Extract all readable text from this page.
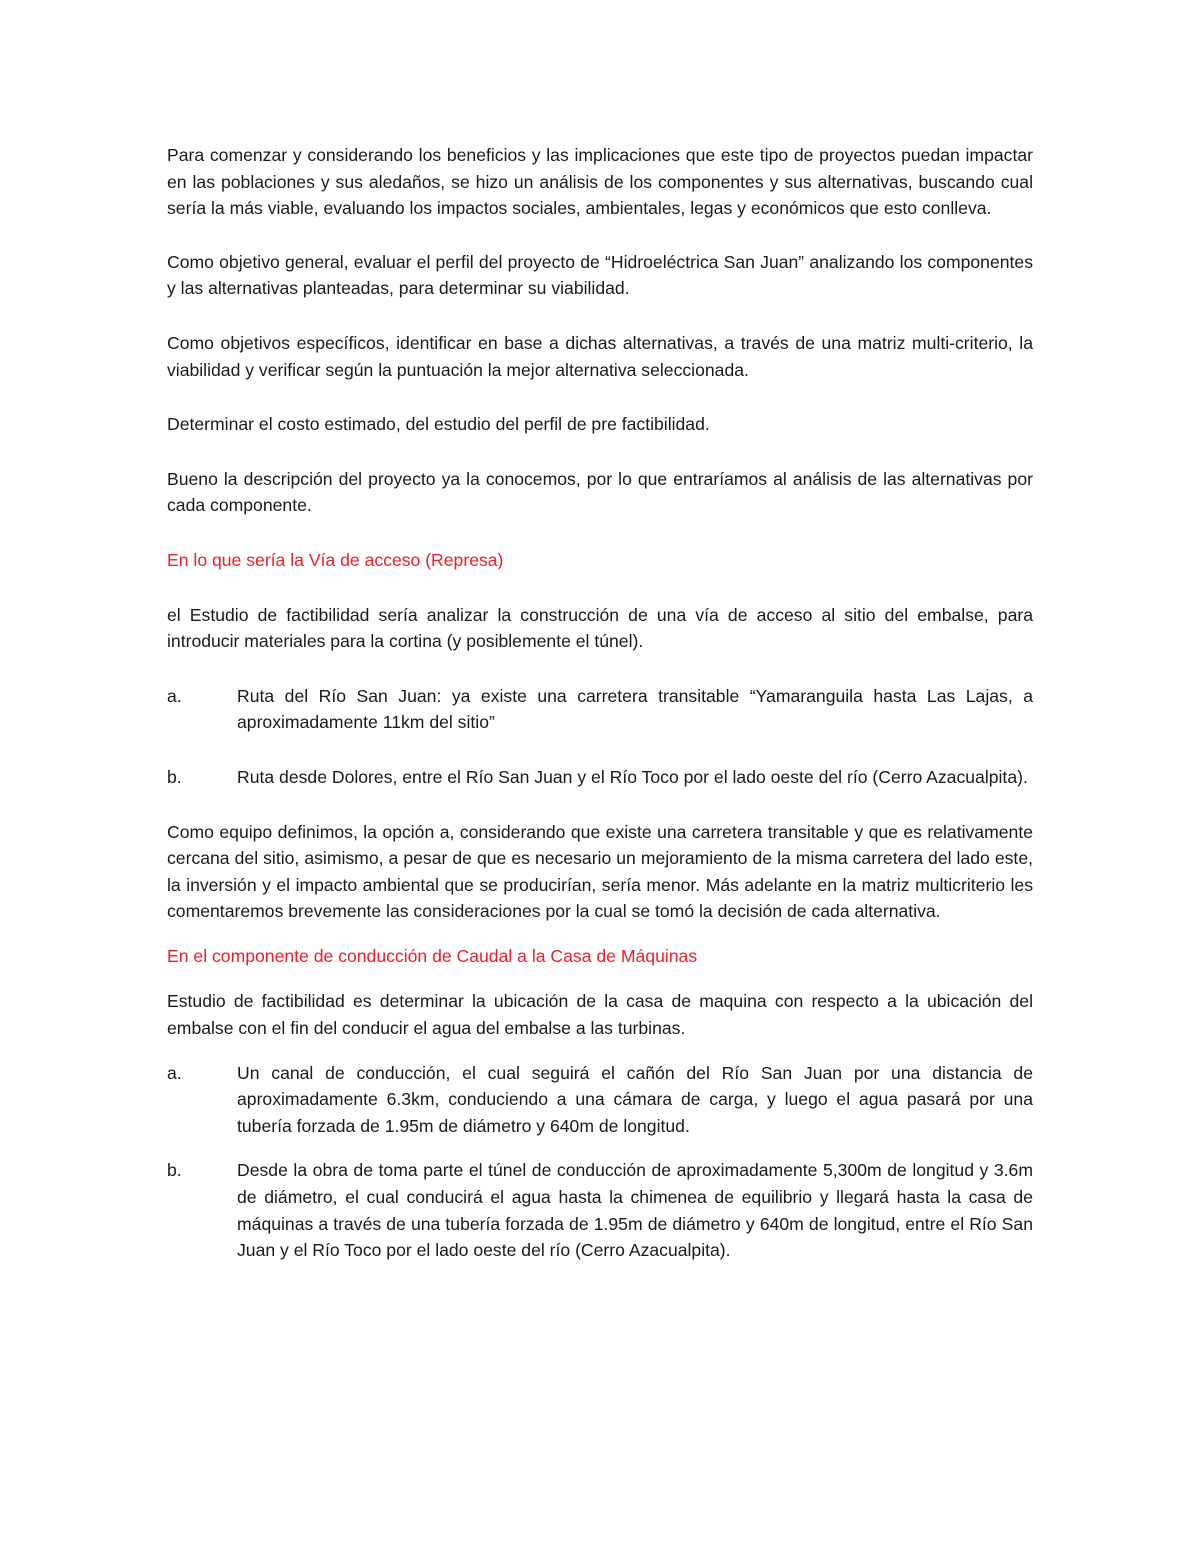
Para comenzar y considerando los beneficios y las implicaciones que este tipo de proyectos puedan impactar en las poblaciones y sus aledaños, se hizo un análisis de los componentes y sus alternativas, buscando cual sería la más viable, evaluando los impactos sociales, ambientales, legas y económicos que esto conlleva.

Como objetivo general, evaluar el perfil del proyecto de “Hidroeléctrica San Juan” analizando los componentes y las alternativas planteadas, para determinar su viabilidad.

Como objetivos específicos, identificar en base a dichas alternativas, a través de una matriz multi-criterio, la viabilidad y verificar según la puntuación la mejor alternativa seleccionada.

Determinar el costo estimado, del estudio del perfil de pre factibilidad.

Bueno la descripción del proyecto ya la conocemos, por lo que entraríamos al análisis de las alternativas por cada componente.

En lo que sería la Vía de acceso (Represa)

el Estudio de factibilidad sería analizar la construcción de una vía de acceso al sitio del embalse, para introducir materiales para la cortina (y posiblemente el túnel).

a.	Ruta del Río San Juan: ya existe una carretera transitable “Yamaranguila hasta Las Lajas, a aproximadamente 11km del sitio”
b.	Ruta desde Dolores, entre el Río San Juan y el Río Toco por el lado oeste del río (Cerro Azacualpita).

Como equipo definimos, la opción a, considerando que existe una carretera transitable y que es relativamente cercana del sitio, asimismo, a pesar de que es necesario un mejoramiento de la misma carretera del lado este, la inversión y el impacto ambiental que se producirían, sería menor. Más adelante en la matriz multicriterio les comentaremos brevemente las consideraciones por la cual se tomó la decisión de cada alternativa.

En el componente de conducción de Caudal a la Casa de Máquinas

Estudio de factibilidad es determinar la ubicación de la casa de maquina con respecto a la ubicación del embalse con el fin del conducir el agua del embalse a las turbinas.

a.	Un canal de conducción, el cual seguirá el cañón del Río San Juan por una distancia de aproximadamente 6.3km, conduciendo a una cámara de carga, y luego el agua pasará por una tubería forzada de 1.95m de diámetro y 640m de longitud.
b.	Desde la obra de toma parte el túnel de conducción de aproximadamente 5,300m de longitud y 3.6m de diámetro, el cual conducirá el agua hasta la chimenea de equilibrio y llegará hasta la casa de máquinas a través de una tubería forzada de 1.95m de diámetro y 640m de longitud, entre el Río San Juan y el Río Toco por el lado oeste del río (Cerro Azacualpita).
